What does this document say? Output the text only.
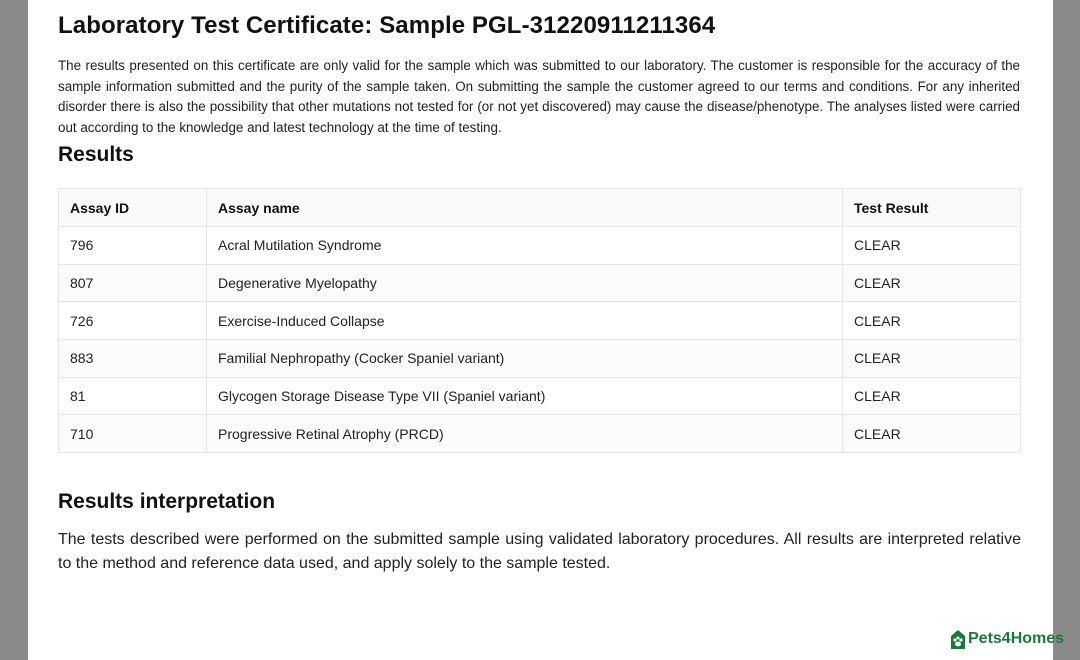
Laboratory Test Certificate: Sample PGL-31220911211364

The results presented on this certificate are only valid for the sample which was submitted to our laboratory. The customer is responsible for the accuracy of the sample information submitted and the purity of the sample taken. On submitting the sample the customer agreed to our terms and conditions. For any inherited disorder there is also the possibility that other mutations not tested for (or not yet discovered) may cause the disease/phenotype. The analyses listed were carried out according to the knowledge and latest technology at the time of testing.

Results
Assay ID	Assay name	Test Result
796	Acral Mutilation Syndrome	CLEAR
807	Degenerative Myelopathy	CLEAR
726	Exercise-Induced Collapse	CLEAR
883	Familial Nephropathy (Cocker Spaniel variant)	CLEAR
81	Glycogen Storage Disease Type VII (Spaniel variant)	CLEAR
710	Progressive Retinal Atrophy (PRCD)	CLEAR
Results interpretation

The tests described were performed on the submitted sample using validated laboratory procedures. All results are interpreted relative to the method and reference data used, and apply solely to the sample tested.

Pets4Homes
